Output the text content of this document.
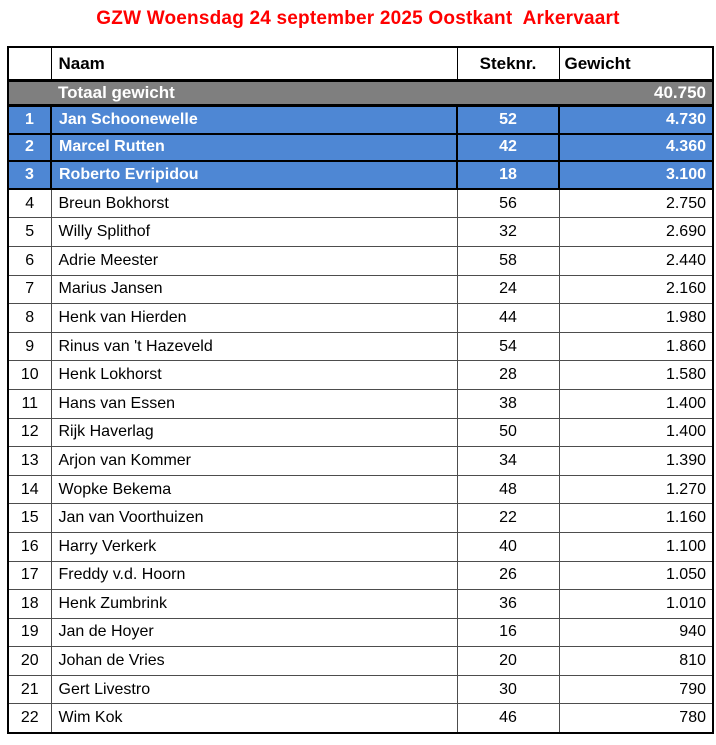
GZW Woensdag 24 september 2025 Oostkant  Arkervaart
	Naam	Steknr.	Gewicht
	Totaal gewicht		40.750
1	Jan Schoonewelle	52	4.730
2	Marcel Rutten	42	4.360
3	Roberto Evripidou	18	3.100
4	Breun Bokhorst	56	2.750
5	Willy Splithof	32	2.690
6	Adrie Meester	58	2.440
7	Marius Jansen	24	2.160
8	Henk van Hierden	44	1.980
9	Rinus van 't Hazeveld	54	1.860
10	Henk Lokhorst	28	1.580
11	Hans van Essen	38	1.400
12	Rijk Haverlag	50	1.400
13	Arjon van Kommer	34	1.390
14	Wopke Bekema	48	1.270
15	Jan van Voorthuizen	22	1.160
16	Harry Verkerk	40	1.100
17	Freddy v.d. Hoorn	26	1.050
18	Henk Zumbrink	36	1.010
19	Jan de Hoyer	16	940
20	Johan de Vries	20	810
21	Gert Livestro	30	790
22	Wim Kok	46	780
